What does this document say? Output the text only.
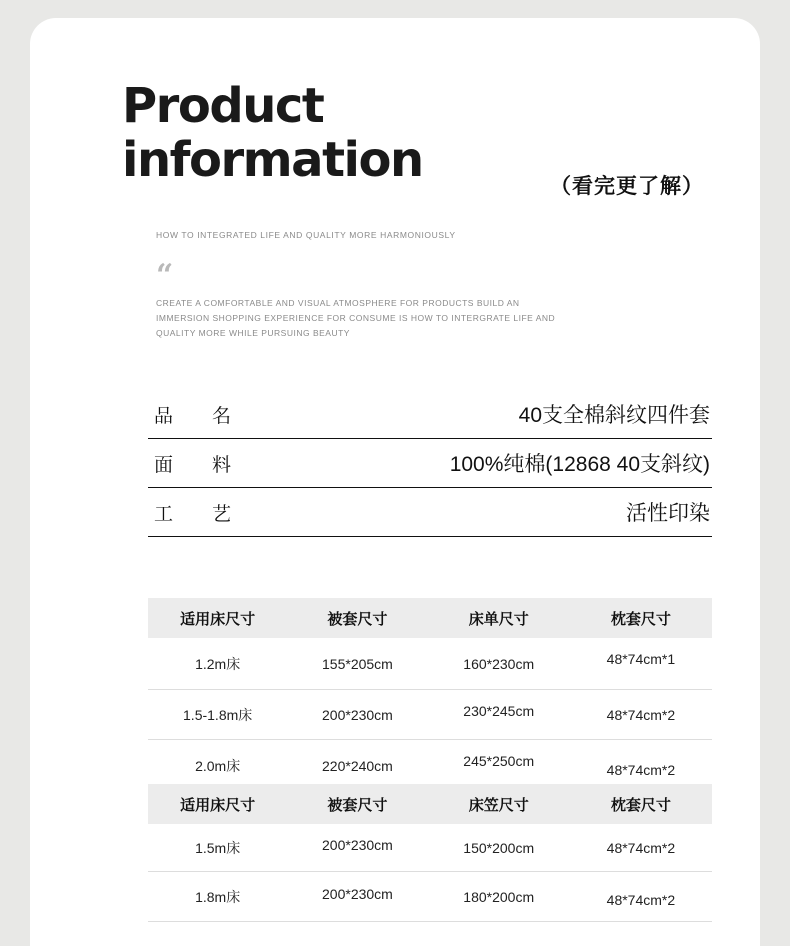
Product
information	（看完更了解）
HOW TO INTEGRATED LIFE AND QUALITY MORE HARMONIOUSLY
“
CREATE A COMFORTABLE AND VISUAL ATMOSPHERE FOR PRODUCTS BUILD AN IMMERSION SHOPPING EXPERIENCE FOR CONSUME IS HOW TO INTERGRATE LIFE AND QUALITY MORE WHILE PURSUING BEAUTY
品　名	40支全棉斜纹四件套
面　料	100%纯棉(12868 40支斜纹)
工　艺	活性印染
适用床尺寸	被套尺寸	床单尺寸	枕套尺寸
1.2m床	155*205cm	160*230cm	48*74cm*1
1.5-1.8m床	200*230cm	230*245cm	48*74cm*2
2.0m床	220*240cm	245*250cm	48*74cm*2
适用床尺寸	被套尺寸	床笠尺寸	枕套尺寸
1.5m床	200*230cm	150*200cm	48*74cm*2
1.8m床	200*230cm	180*200cm	48*74cm*2
